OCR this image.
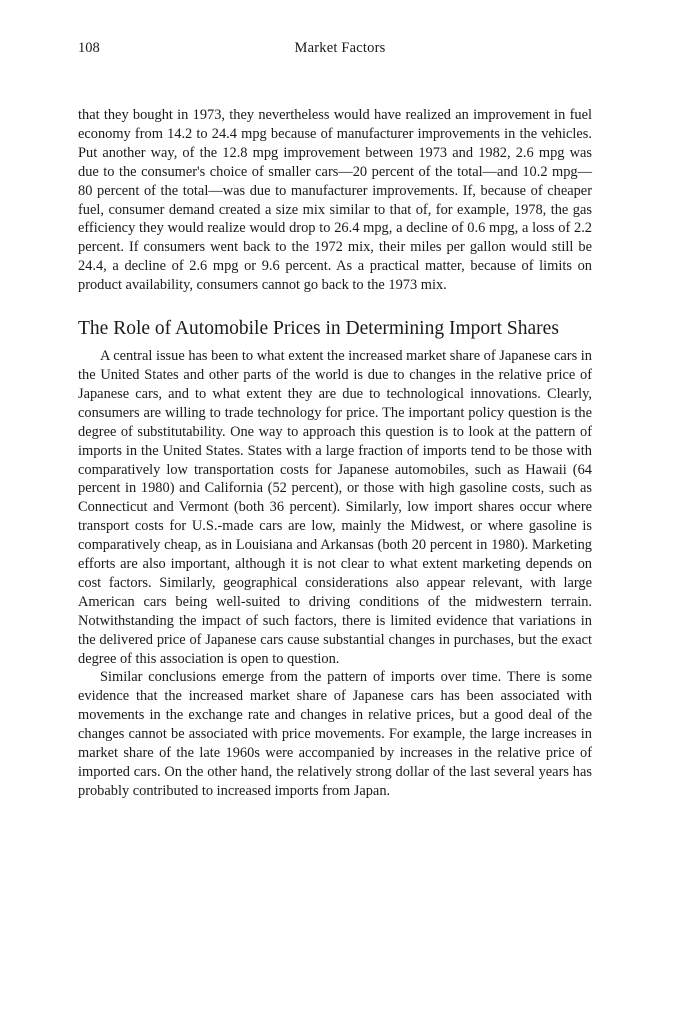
108	Market Factors

that they bought in 1973, they nevertheless would have realized an improvement in fuel economy from 14.2 to 24.4 mpg because of manufacturer improvements in the vehicles. Put another way, of the 12.8 mpg improvement between 1973 and 1982, 2.6 mpg was due to the consumer's choice of smaller cars—20 percent of the total—and 10.2 mpg—80 percent of the total—was due to manufacturer improvements. If, because of cheaper fuel, consumer demand created a size mix similar to that of, for example, 1978, the gas efficiency they would realize would drop to 26.4 mpg, a decline of 0.6 mpg, a loss of 2.2 percent. If consumers went back to the 1972 mix, their miles per gallon would still be 24.4, a decline of 2.6 mpg or 9.6 percent. As a practical matter, because of limits on product availability, consumers cannot go back to the 1973 mix.

The Role of Automobile Prices in Determining Import Shares

A central issue has been to what extent the increased market share of Japanese cars in the United States and other parts of the world is due to changes in the relative price of Japanese cars, and to what extent they are due to technological innovations. Clearly, consumers are willing to trade technology for price. The important policy question is the degree of substitutability. One way to approach this question is to look at the pattern of imports in the United States. States with a large fraction of imports tend to be those with comparatively low transportation costs for Japanese automobiles, such as Hawaii (64 percent in 1980) and California (52 percent), or those with high gasoline costs, such as Connecticut and Vermont (both 36 percent). Similarly, low import shares occur where transport costs for U.S.-made cars are low, mainly the Midwest, or where gasoline is comparatively cheap, as in Louisiana and Arkansas (both 20 percent in 1980). Marketing efforts are also important, although it is not clear to what extent marketing depends on cost factors. Similarly, geographical considerations also appear relevant, with large American cars being well-suited to driving conditions of the midwestern terrain. Notwithstanding the impact of such factors, there is limited evidence that variations in the delivered price of Japanese cars cause substantial changes in purchases, but the exact degree of this association is open to question.

Similar conclusions emerge from the pattern of imports over time. There is some evidence that the increased market share of Japanese cars has been associated with movements in the exchange rate and changes in relative prices, but a good deal of the changes cannot be associated with price movements. For example, the large increases in market share of the late 1960s were accompanied by increases in the relative price of imported cars. On the other hand, the relatively strong dollar of the last several years has probably contributed to increased imports from Japan.
